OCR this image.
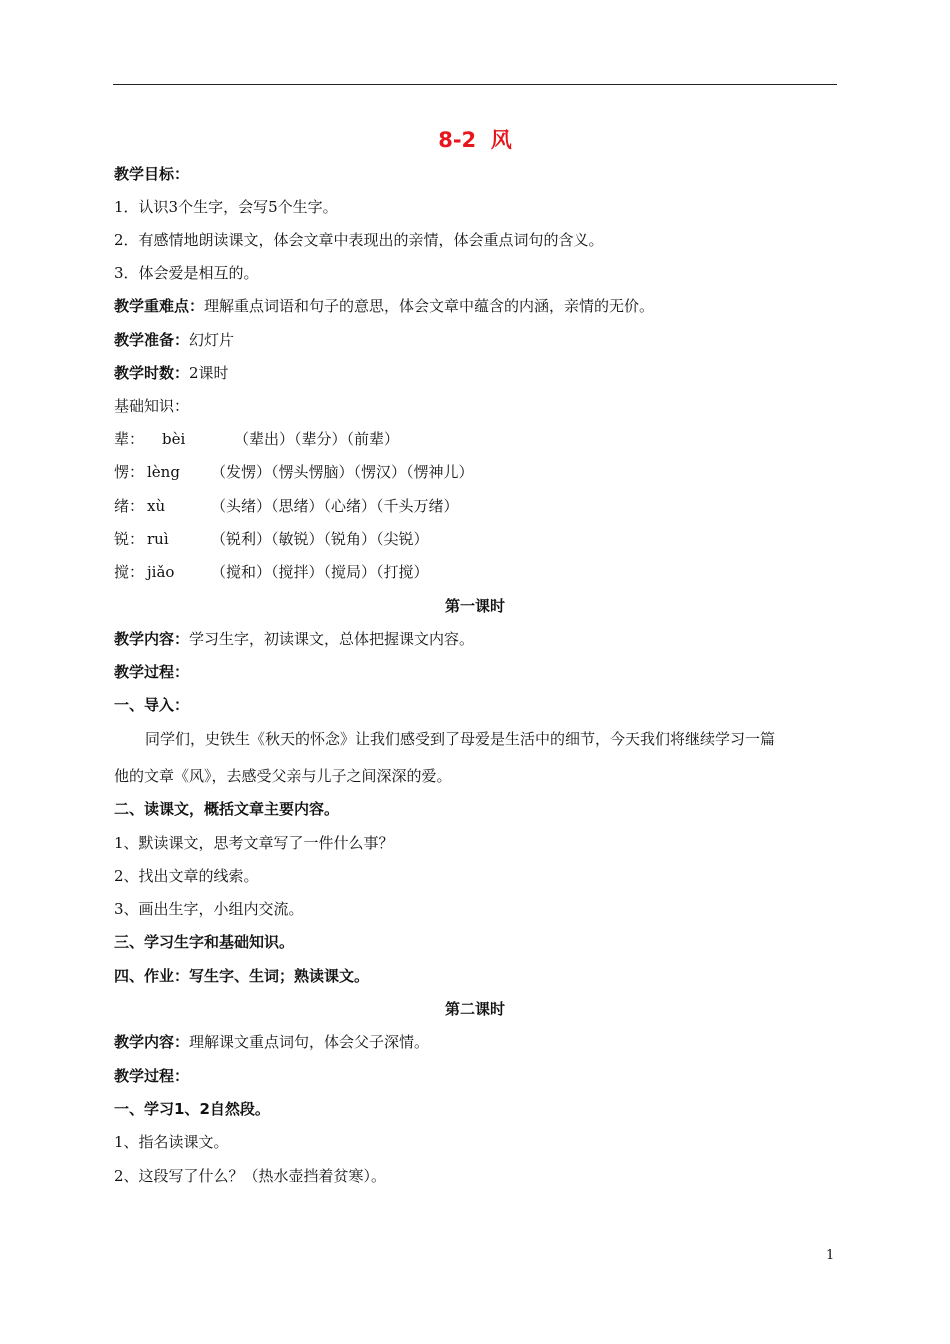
8-2  风
教学目标：
1．认识3个生字，会写5个生字。
2．有感情地朗读课文，体会文章中表现出的亲情，体会重点词句的含义。
3．体会爱是相互的。
教学重难点：理解重点词语和句子的意思，体会文章中蕴含的内涵，亲情的无价。
教学准备：幻灯片
教学时数：2课时
基础知识：
辈： bèi	（辈出）（辈分）（前辈）
愣： lèng （发愣）（愣头愣脑）（愣汉）（愣神儿）
绪： xù	（头绪）（思绪）（心绪）（千头万绪）
锐： ruì	（锐利）（敏锐）（锐角）（尖锐）
搅： jiǎo （搅和）（搅拌）（搅局）（打搅）
第一课时
教学内容：学习生字，初读课文，总体把握课文内容。
教学过程：
一、导入：
同学们，史铁生《秋天的怀念》让我们感受到了母爱是生活中的细节，今天我们将继续学习一篇
他的文章《风》，去感受父亲与儿子之间深深的爱。
二、读课文，概括文章主要内容。
1、默读课文，思考文章写了一件什么事？
2、找出文章的线索。
3、画出生字，小组内交流。
三、学习生字和基础知识。
四、作业：写生字、生词；熟读课文。
第二课时
教学内容：理解课文重点词句，体会父子深情。
教学过程：
一、学习1、2自然段。
1、指名读课文。
2、这段写了什么？（热水壶挡着贫寒）。
1
